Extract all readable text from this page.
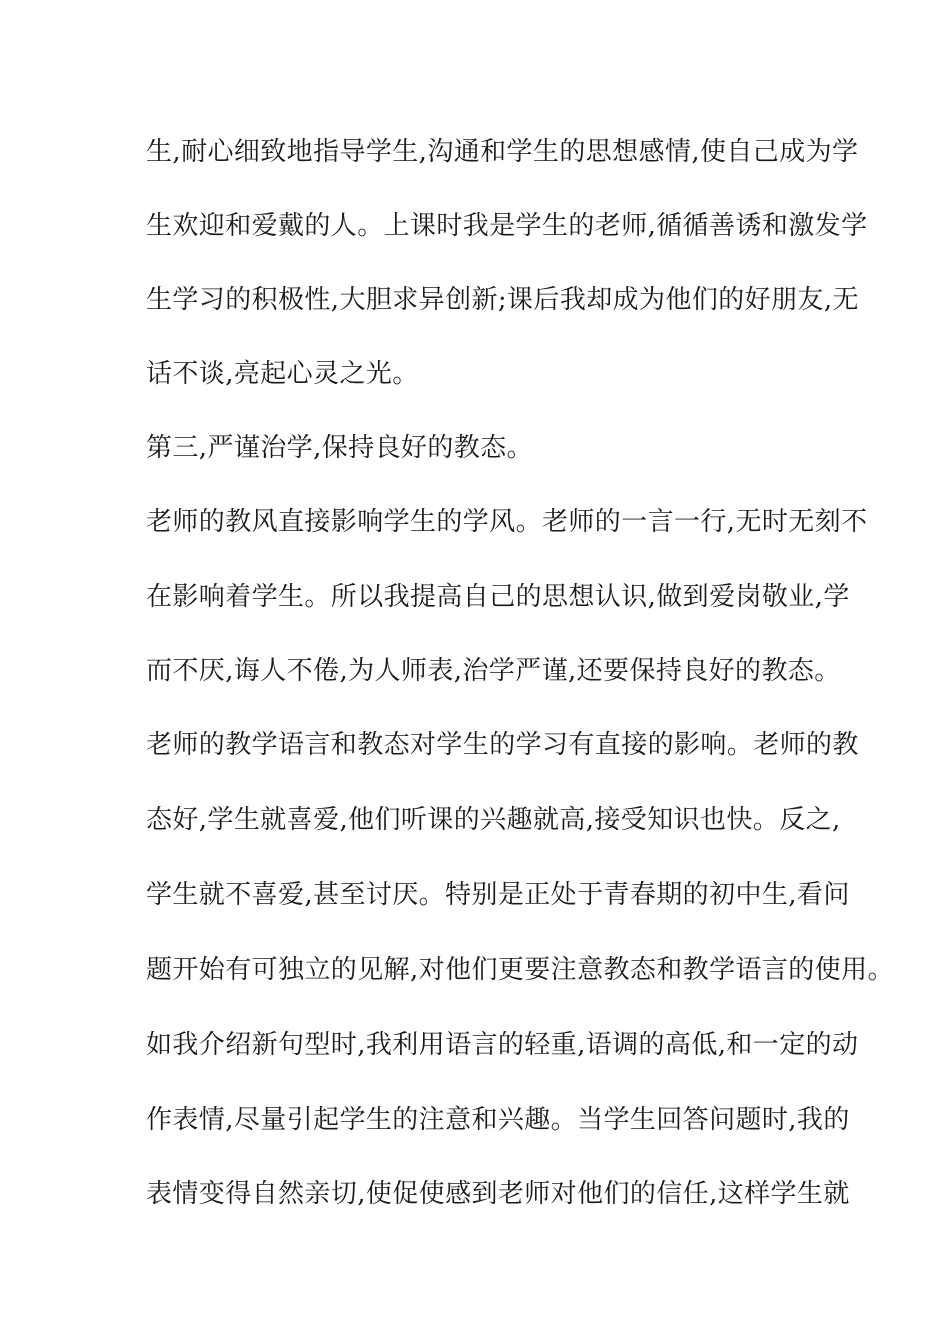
生,耐心细致地指导学生,沟通和学生的思想感情,使自己成为学

生欢迎和爱戴的人。上课时我是学生的老师,循循善诱和激发学

生学习的积极性,大胆求异创新;课后我却成为他们的好朋友,无

话不谈,亮起心灵之光。

第三,严谨治学,保持良好的教态。

老师的教风直接影响学生的学风。老师的一言一行,无时无刻不

在影响着学生。所以我提高自己的思想认识,做到爱岗敬业,学

而不厌,诲人不倦,为人师表,治学严谨,还要保持良好的教态。

老师的教学语言和教态对学生的学习有直接的影响。老师的教

态好,学生就喜爱,他们听课的兴趣就高,接受知识也快。反之,

学生就不喜爱,甚至讨厌。特别是正处于青春期的初中生,看问

题开始有可独立的见解,对他们更要注意教态和教学语言的使用。

如我介绍新句型时,我利用语言的轻重,语调的高低,和一定的动

作表情,尽量引起学生的注意和兴趣。当学生回答问题时,我的

表情变得自然亲切,使促使感到老师对他们的信任,这样学生就
